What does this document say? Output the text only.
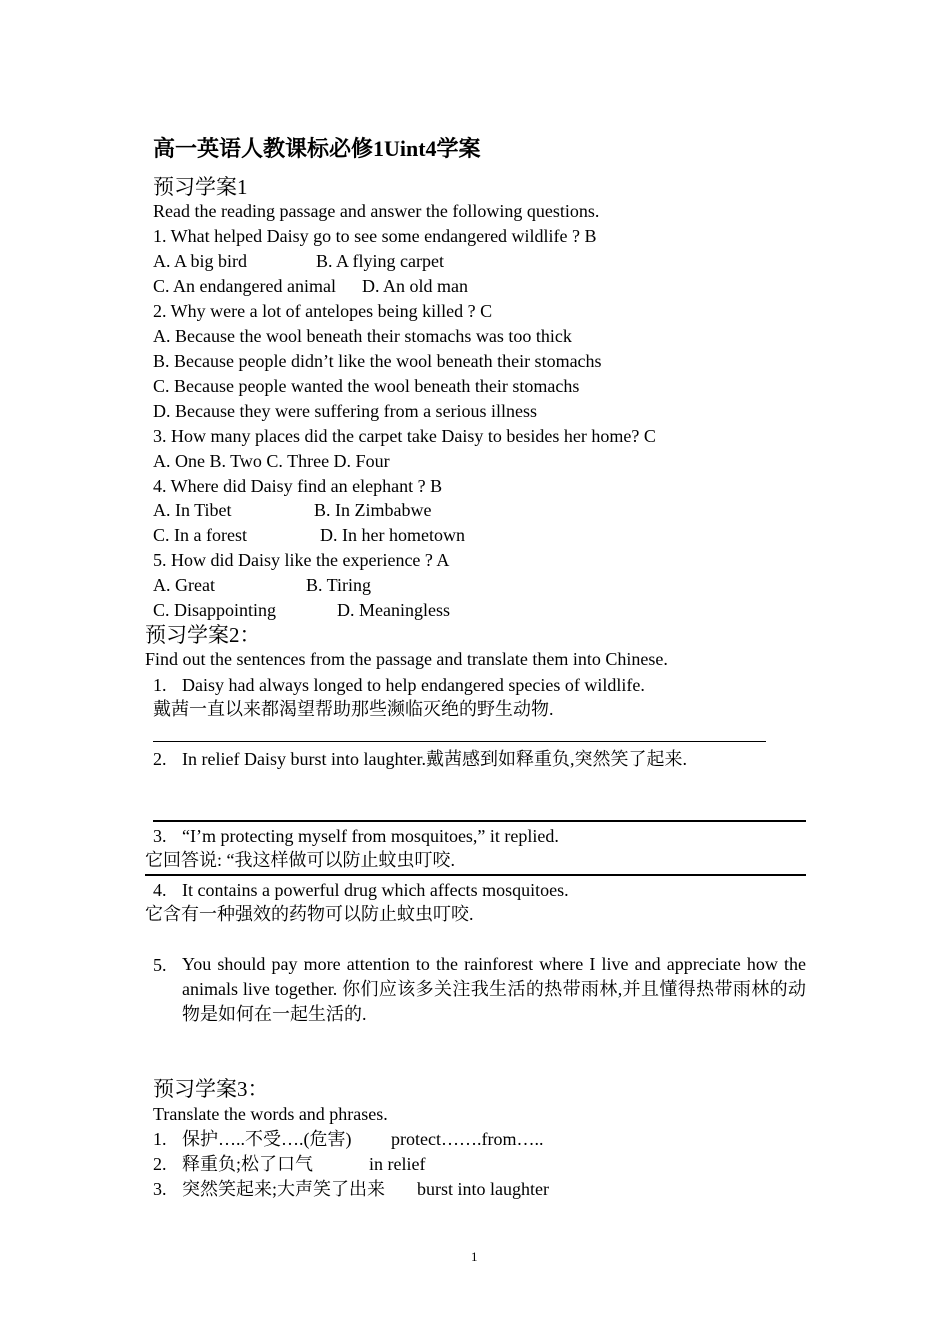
高一英语人教课标必修1Uint4学案
预习学案1
Read the reading passage and answer the following questions.
1. What helped Daisy go to see some endangered wildlife ? B
A. A big bird	B. A flying carpet
C. An endangered animal D. An old man
2. Why were a lot of antelopes being killed ? C
A. Because the wool beneath their stomachs was too thick
B. Because people didn’t like the wool beneath their stomachs
C. Because people wanted the wool beneath their stomachs
D. Because they were suffering from a serious illness
3. How many places did the carpet take Daisy to besides her home? C
A. One B. Two C. Three D. Four
4. Where did Daisy find an elephant ? B
A. In Tibet	B. In Zimbabwe
C. In a forest	D. In her hometown
5. How did Daisy like the experience ? A
A. Great	B. Tiring
C. Disappointing	D. Meaningless
预习学案2：
Find out the sentences from the passage and translate them into Chinese.
1. Daisy had always longed to help endangered species of wildlife.
戴茜一直以来都渴望帮助那些濒临灭绝的野生动物.
2. In relief Daisy burst into laughter.戴茜感到如释重负,突然笑了起来.
3. “I’m protecting myself from mosquitoes,” it replied.
它回答说: “我这样做可以防止蚊虫叮咬.
4. It contains a powerful drug which affects mosquitoes.
它含有一种强效的药物可以防止蚊虫叮咬.
5. You should pay more attention to the rainforest where I live and appreciate how the animals live together. 你们应该多关注我生活的热带雨林,并且懂得热带雨林的动物是如何在一起生活的.
预习学案3：
Translate the words and phrases.
1. 保护…..不受….(危害) protect…….from…..
2. 释重负;松了口气	in relief
3. 突然笑起来;大声笑了出来 burst into laughter
1
